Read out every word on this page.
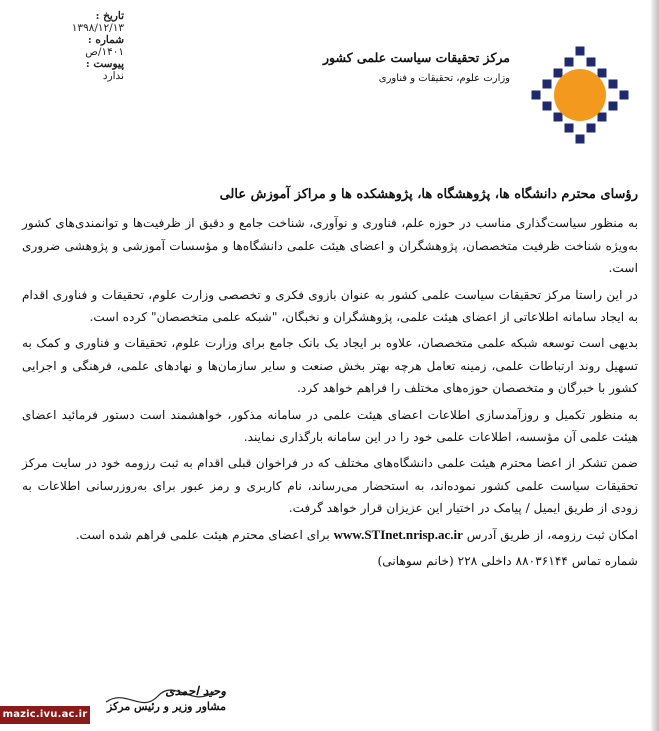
تاریخ :
۱۳۹۸/۱۲/۱۳
شماره :
۱۴۰۱/ص
پیوست :
ندارد
مرکز تحقیقات سیاست علمی کشور
وزارت علوم، تحقیقات و فناوری

رؤسای محترم دانشگاه ها، پژوهشگاه ها، پژوهشکده ها و مراکز آموزش عالی

به منظور سیاست‌گذاری مناسب در حوزه علم، فناوری و نوآوری، شناخت جامع و دقیق از ظرفیت‌ها و توانمندی‌های کشور به‌ویژه شناخت ظرفیت متخصصان، پژوهشگران و اعضای هیئت علمی دانشگاه‌ها و مؤسسات آموزشی و پژوهشی ضروری است.

در این راستا مرکز تحقیقات سیاست علمی کشور به عنوان بازوی فکری و تخصصی وزارت علوم، تحقیقات و فناوری اقدام به ایجاد سامانه اطلاعاتی از اعضای هیئت علمی، پژوهشگران و نخبگان، "شبکه علمی متخصصان" کرده است.

بدیهی است توسعه شبکه علمی متخصصان، علاوه بر ایجاد یک بانک جامع برای وزارت علوم، تحقیقات و فناوری و کمک به تسهیل روند ارتباطات علمی، زمینه تعامل هرچه بهتر بخش صنعت و سایر سازمان‌ها و نهادهای علمی، فرهنگی و اجرایی کشور با خبرگان و متخصصان حوزه‌های مختلف را فراهم خواهد کرد.

به منظور تکمیل و روزآمدسازی اطلاعات اعضای هیئت علمی در سامانه مذکور، خواهشمند است دستور فرمائید اعضای هیئت علمی آن مؤسسه، اطلاعات علمی خود را در این سامانه بارگذاری نمایند.

ضمن تشکر از اعضا محترم هیئت علمی دانشگاه‌های مختلف که در فراخوان قبلی اقدام به ثبت رزومه خود در سایت مرکز تحقیقات سیاست علمی کشور نموده‌اند، به استحضار می‌رساند، نام کاربری و رمز عبور برای به‌روزرسانی اطلاعات به زودی از طریق ایمیل / پیامک در اختیار این عزیزان قرار خواهد گرفت.

امکان ثبت رزومه، از طریق آدرس www.STInet.nrisp.ac.ir برای اعضای محترم هیئت علمی فراهم شده است.

شماره تماس ۸۸۰۳۶۱۴۴ داخلی ۲۲۸ (خانم سوهانی)

وحید احمدی
مشاور وزیر و رئیس مرکز
mazic.ivu.ac.ir
